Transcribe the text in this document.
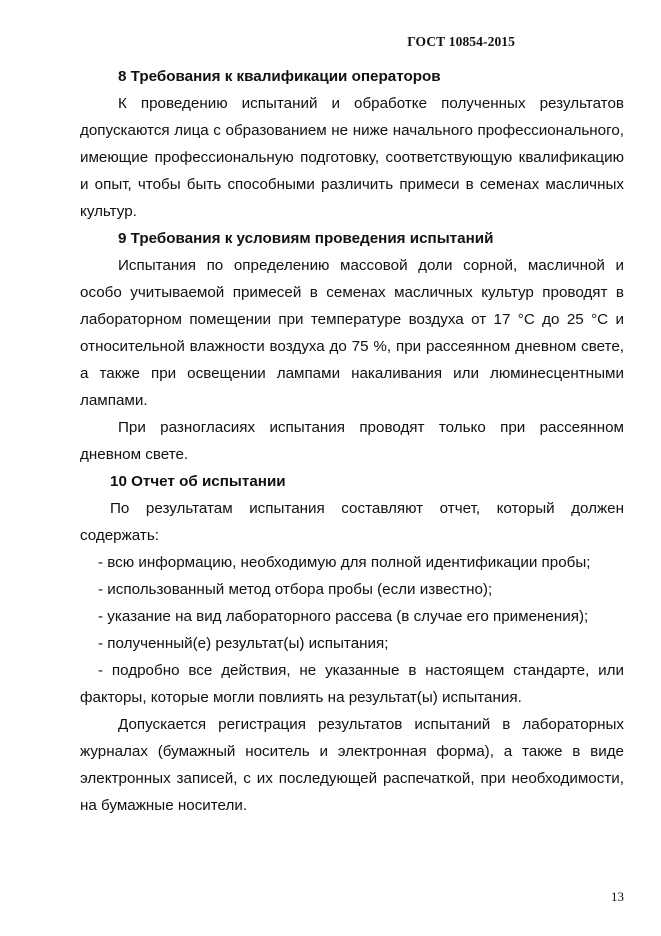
ГОСТ 10854-2015

8 Требования к квалификации операторов

К проведению испытаний и обработке полученных результатов допускаются лица с образованием не ниже начального профессионального, имеющие профессиональную подготовку, соответствующую квалификацию и опыт, чтобы быть способными различить примеси в семенах масличных культур.

9 Требования к условиям проведения испытаний

Испытания по определению массовой доли сорной, масличной и особо учитываемой примесей в семенах масличных культур проводят в лабораторном помещении при температуре воздуха от 17 °С до 25 °С и относительной влажности воздуха до 75 %, при рассеянном дневном свете, а также при освещении лампами накаливания или люминесцентными лампами.

При разногласиях испытания проводят только при рассеянном дневном свете.

10 Отчет об испытании

По результатам испытания составляют отчет, который должен содержать:

- всю информацию, необходимую для полной идентификации пробы;

- использованный метод отбора пробы (если известно);

- указание на вид лабораторного рассева (в случае его применения);

- полученный(е) результат(ы) испытания;

- подробно все действия, не указанные в настоящем стандарте, или факторы, которые могли повлиять на результат(ы) испытания.

Допускается регистрация результатов испытаний в лабораторных журналах (бумажный носитель и электронная форма), а также в виде электронных записей, с их последующей распечаткой, при необходимости, на бумажные носители.

13
